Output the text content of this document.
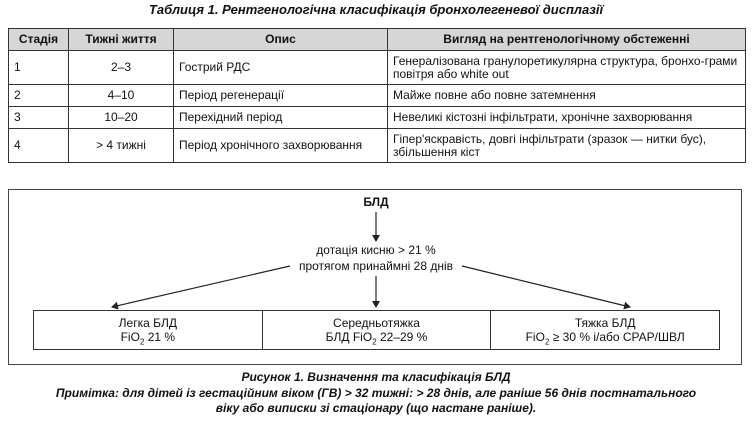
Таблиця 1. Рентгенологічна класифікація бронхолегеневої дисплазії
Стадія	Тижні життя	Опис	Вигляд на рентгенологічному обстеженні
1	2–3	Гострий РДС	Генералізована гранулоретикулярна структура, бронхо-грами повітря або white out
2	4–10	Період регенерації	Майже повне або повне затемнення
3	10–20	Перехідний період	Невеликі кістозні інфільтрати, хронічне захворювання
4	> 4 тижні	Період хронічного захворювання	Гіпер'яскравість, довгі інфільтрати (зразок — нитки бус), збільшення кіст
БЛД
дотація кисню > 21 %
протягом принаймні 28 днів
Легка БЛД
FiO$_2$ 21 %
Середньотяжка
БЛД FiO$_2$ 22–29 %
Тяжка БЛД
FiO$_2$ ≥ 30 % і/або CPAP/ШВЛ
Рисунок 1. Визначення та класифікація БЛД
Примітка: для дітей із гестаційним віком (ГВ) > 32 тижні: > 28 днів, але раніше 56 днів постнатального
віку або виписки зі стаціонару (що настане раніше).
